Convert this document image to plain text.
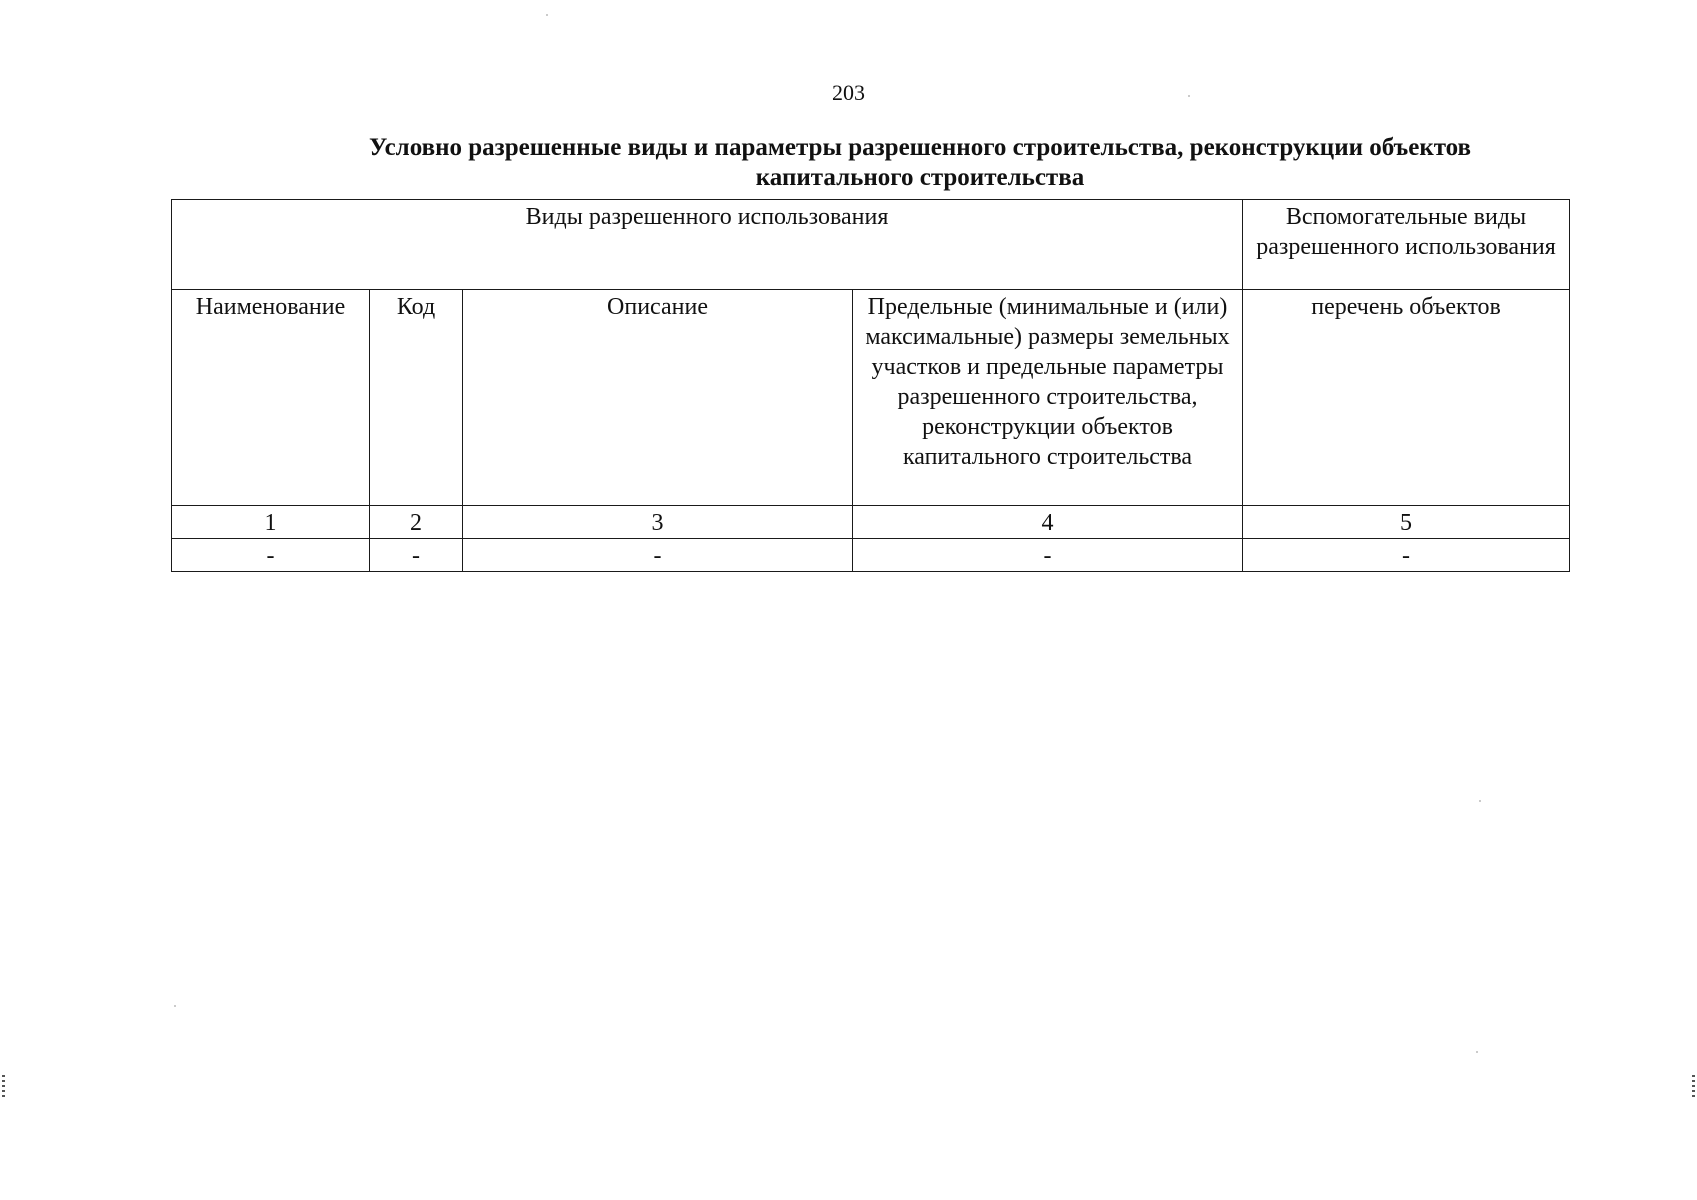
203
Условно разрешенные виды и параметры разрешенного строительства, реконструкции объектов капитального строительства
Виды разрешенного использования				Вспомогательные виды разрешенного использования
Наименование	Код	Описание	Предельные (минимальные и (или) максимальные) размеры земельных участков и предельные параметры разрешенного строительства, реконструкции объектов капитального строительства	перечень объектов
1	2	3	4	5
-	-	-	-	-
